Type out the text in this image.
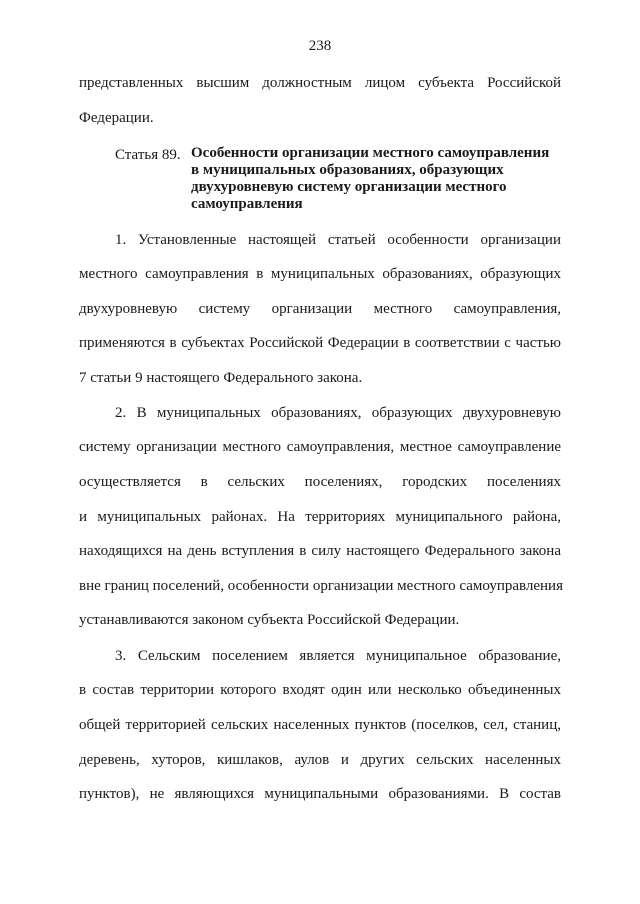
238
представленных высшим должностным лицом субъекта Российской
Федерации.
Статья 89. Особенности организации местного самоуправления
в муниципальных образованиях, образующих
двухуровневую систему организации местного
самоуправления
1. Установленные настоящей статьей особенности организации
местного самоуправления в муниципальных образованиях, образующих
двухуровневую систему организации местного самоуправления,
применяются в субъектах Российской Федерации в соответствии с частью
7 статьи 9 настоящего Федерального закона.
2. В муниципальных образованиях, образующих двухуровневую
систему организации местного самоуправления, местное самоуправление
осуществляется в сельских поселениях, городских поселениях
и муниципальных районах. На территориях муниципального района,
находящихся на день вступления в силу настоящего Федерального закона
вне границ поселений, особенности организации местного самоуправления
устанавливаются законом субъекта Российской Федерации.
3. Сельским поселением является муниципальное образование,
в состав территории которого входят один или несколько объединенных
общей территорией сельских населенных пунктов (поселков, сел, станиц,
деревень, хуторов, кишлаков, аулов и других сельских населенных
пунктов), не являющихся муниципальными образованиями. В состав
